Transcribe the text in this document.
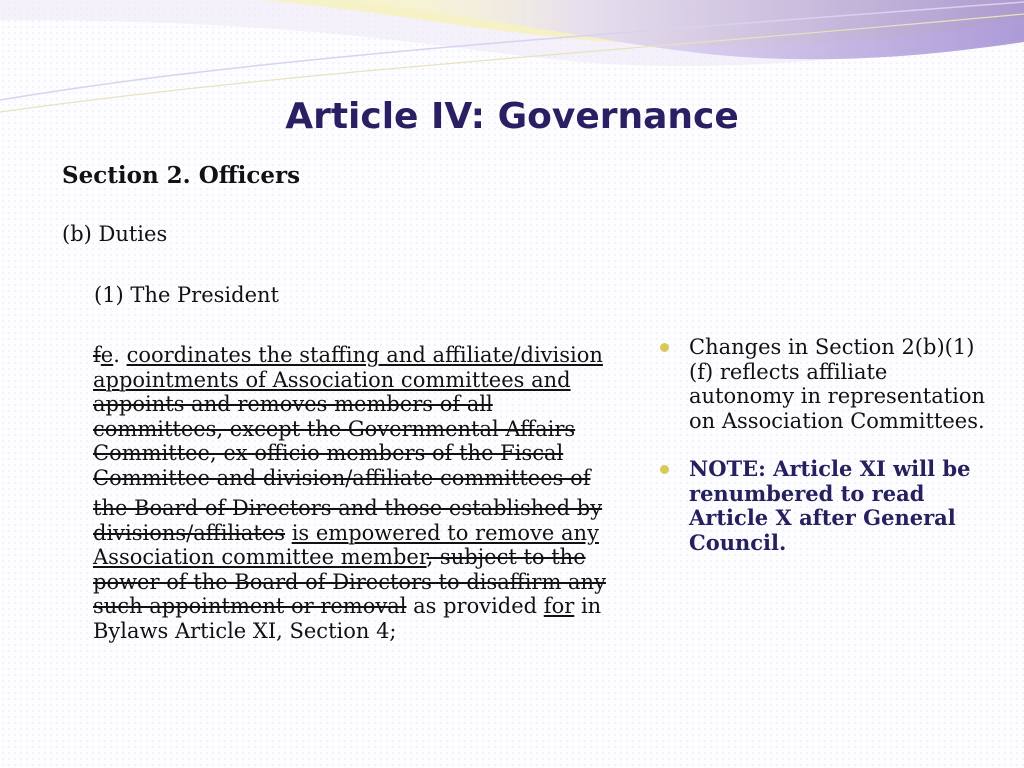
Article IV: Governance
Section 2. Officers
(b) Duties
(1) The President

fe. coordinates the staffing and affiliate/division appointments of Association committees and appoints and removes members of all committees, except the Governmental Affairs Committee, ex-officio members of the Fiscal Committee and division/affiliate committees of

the Board of Directors and those established by divisions/affiliates is empowered to remove any Association committee member, subject to the power of the Board of Directors to disaffirm any such appointment or removal as provided for in Bylaws Article XI, Section 4;

Changes in Section 2(b)(1)(f) reflects affiliate autonomy in representation on Association Committees.
NOTE: Article XI will be renumbered to read Article X after General Council.
